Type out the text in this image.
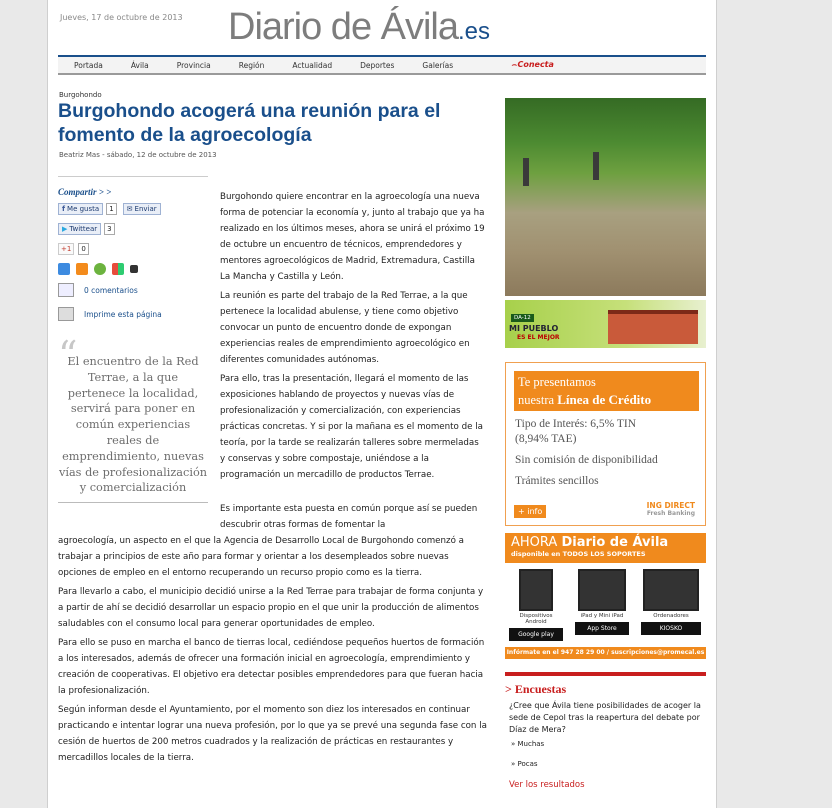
Jueves, 17 de octubre de 2013 Diario de Ávila.es
Portada	Ávila	Provincia	Región	Actualidad	Deportes	Galerías
⌢	Conecta
Burgohondo
Burgohondo acogerá una reunión para el fomento de la agroecología
Beatriz Mas - sábado, 12 de octubre de 2013
Compartir > >
f Me gusta	1	✉ Enviar
▶ Twittear	3
+1	0
0 comentarios
Imprime esta página
“
El encuentro de la Red Terrae, a la que pertenece la localidad, servirá para poner en común experiencias reales de emprendimiento, nuevas vías de profesionalización y comercialización

Burgohondo quiere encontrar en la agroecología una nueva forma de potenciar la economía y, junto al trabajo que ya ha realizado en los últimos meses, ahora se unirá el próximo 19 de octubre un encuentro de técnicos, emprendedores y mentores agroecológicos de Madrid, Extremadura, Castilla La Mancha y Castilla y León.

La reunión es parte del trabajo de la Red Terrae, a la que pertenece la localidad abulense, y tiene como objetivo convocar un punto de encuentro donde de expongan experiencias reales de emprendimiento agroecológico en diferentes comunidades autónomas.

Para ello, tras la presentación, llegará el momento de las exposiciones hablando de proyectos y nuevas vías de profesionalización y comercialización, con experiencias prácticas concretas. Y si por la mañana es el momento de la teoría, por la tarde se realizarán talleres sobre mermeladas y conservas y sobre compostaje, uniéndose a la programación un mercadillo de productos Terrae.

Es importante esta puesta en común porque así se pueden descubrir otras formas de fomentar la

agroecología, un aspecto en el que la Agencia de Desarrollo Local de Burgohondo comenzó a trabajar a principios de este año para formar y orientar a los desempleados sobre nuevas opciones de empleo en el entorno recuperando un recurso propio como es la tierra.

Para llevarlo a cabo, el municipio decidió unirse a la Red Terrae para trabajar de forma conjunta y a partir de ahí se decidió desarrollar un espacio propio en el que unir la producción de alimentos saludables con el consumo local para generar oportunidades de empleo.

Para ello se puso en marcha el banco de tierras local, cediéndose pequeños huertos de formación a los interesados, además de ofrecer una formación inicial en agroecología, emprendimiento y creación de cooperativas. El objetivo era detectar posibles emprendedores para que fueran hacia la profesionalización.

Según informan desde el Ayuntamiento, por el momento son diez los interesados en continuar practicando e intentar lograr una nueva profesión, por lo que ya se prevé una segunda fase con la cesión de huertos de 200 metros cuadrados y la realización de prácticas en restaurantes y mercadillos locales de la tierra.

DA-12
MI PUEBLO
ES EL MEJOR
Te presentamos
nuestra Línea de Crédito
Tipo de Interés: 6,5% TIN
(8,94% TAE)
Sin comisión de disponibilidad
Trámites sencillos
+ info
ING DIRECT
Fresh Banking
AHORA Diario de Ávila
disponible en TODOS LOS SOPORTES
Dispositivos Android
Google play
iPad y Mini iPad
App Store
Ordenadores
KIOSKO
Infórmate en el 947 28 29 00 / suscripciones@promecal.es
> Encuestas
¿Cree que Ávila tiene posibilidades de acoger la sede de Cepol tras la reapertura del debate por Díaz de Mera?
» Muchas
» Pocas
Ver los resultados
